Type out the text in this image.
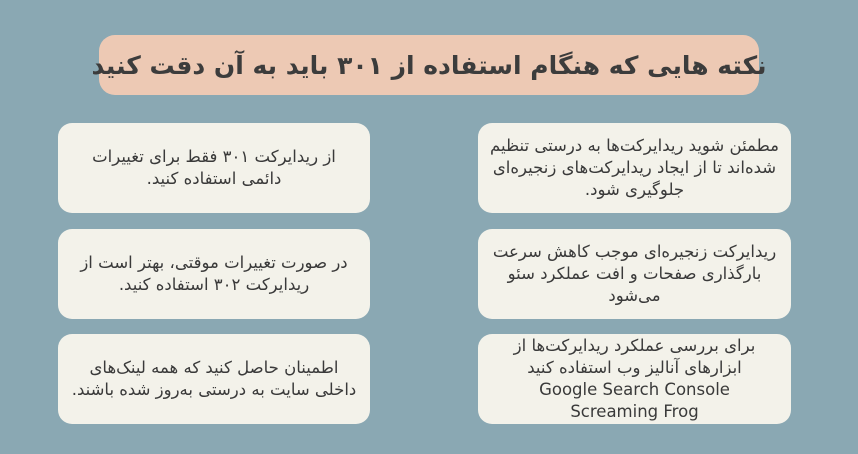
نکته هایی که هنگام استفاده از ۳۰۱ باید به آن دقت کنید
از ریدایرکت ۳۰۱ فقط برای تغییرات دائمی استفاده کنید.
در صورت تغییرات موقتی، بهتر است از ریدایرکت ۳۰۲ استفاده کنید.
اطمینان حاصل کنید که همه لینک‌های داخلی سایت به درستی به‌روز شده باشند.
مطمئن شوید ریدایرکت‌ها به درستی تنظیم شده‌اند تا از ایجاد ریدایرکت‌های زنجیره‌ای جلوگیری شود.
ریدایرکت زنجیره‌ای موجب کاهش سرعت بارگذاری صفحات و افت عملکرد سئو می‌شود
برای بررسی عملکرد ریدایرکت‌ها از ابزارهای آنالیز وب استفاده کنید
Google Search Console
Screaming Frog
